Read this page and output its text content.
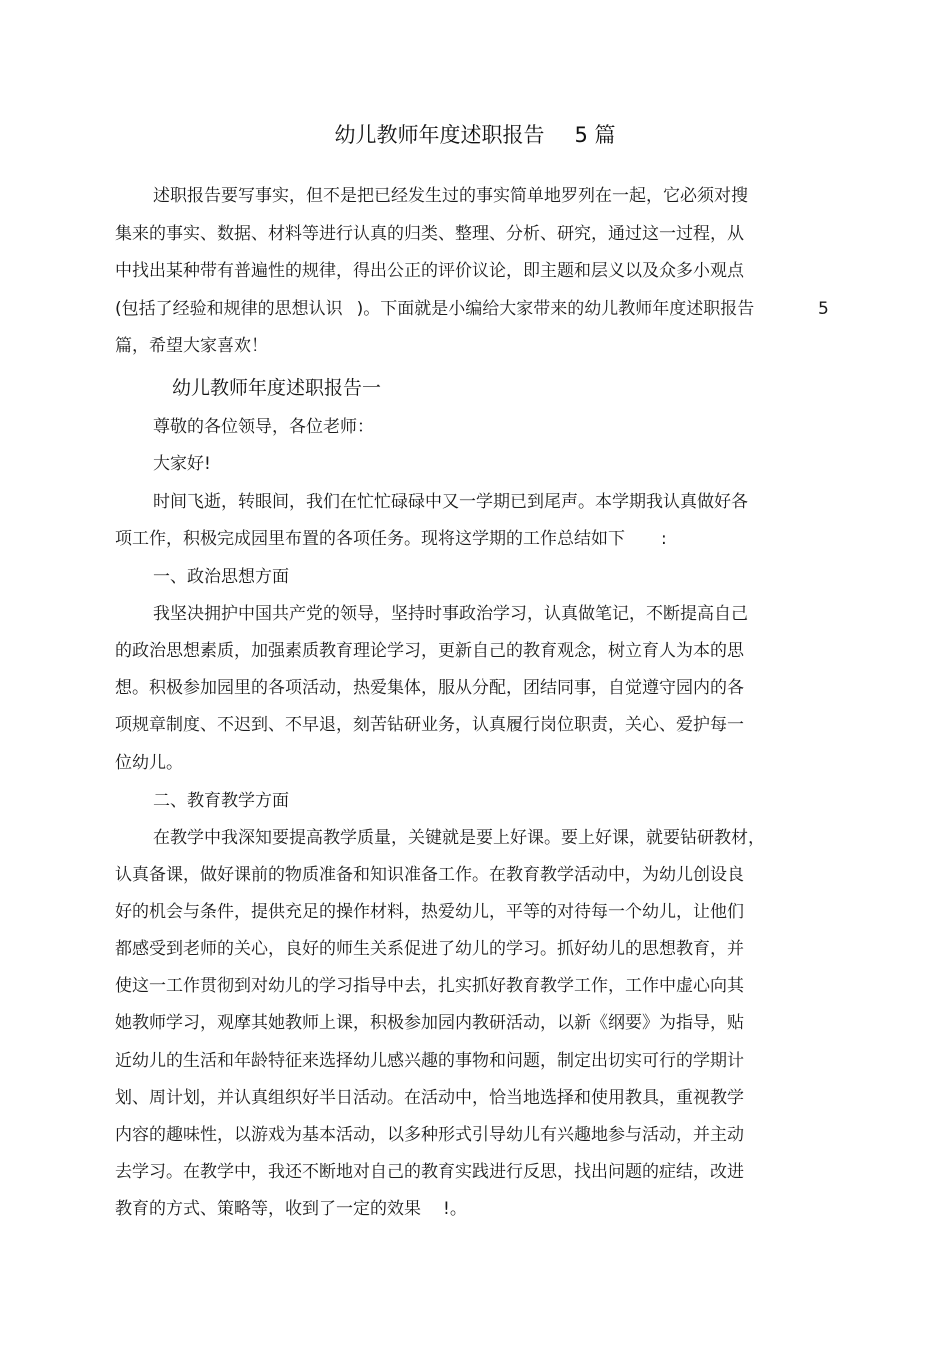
幼儿教师年度述职报告 5 篇
述职报告要写事实，但不是把已经发生过的事实简单地罗列在一起，它必须对搜
集来的事实、数据、材料等进行认真的归类、整理、分析、研究，通过这一过程，从
中找出某种带有普遍性的规律，得出公正的评价议论，即主题和层义以及众多小观点
(包括了经验和规律的思想认识 )。下面就是小编给大家带来的幼儿教师年度述职报告	5
篇，希望大家喜欢！
幼儿教师年度述职报告一
尊敬的各位领导，各位老师：
大家好!
时间飞逝，转眼间，我们在忙忙碌碌中又一学期已到尾声。本学期我认真做好各
项工作，积极完成园里布置的各项任务。现将这学期的工作总结如下 :
一、政治思想方面
我坚决拥护中国共产党的领导，坚持时事政治学习，认真做笔记，不断提高自己
的政治思想素质，加强素质教育理论学习，更新自己的教育观念，树立育人为本的思
想。积极参加园里的各项活动，热爱集体，服从分配，团结同事，自觉遵守园内的各
项规章制度、不迟到、不早退，刻苦钻研业务，认真履行岗位职责，关心、爱护每一
位幼儿。
二、教育教学方面
在教学中我深知要提高教学质量，关键就是要上好课。要上好课，就要钻研教材，
认真备课，做好课前的物质准备和知识准备工作。在教育教学活动中，为幼儿创设良
好的机会与条件，提供充足的操作材料，热爱幼儿，平等的对待每一个幼儿，让他们
都感受到老师的关心，良好的师生关系促进了幼儿的学习。抓好幼儿的思想教育，并
使这一工作贯彻到对幼儿的学习指导中去，扎实抓好教育教学工作，工作中虚心向其
她教师学习，观摩其她教师上课，积极参加园内教研活动，以新《纲要》为指导，贴
近幼儿的生活和年龄特征来选择幼儿感兴趣的事物和问题，制定出切实可行的学期计
划、周计划，并认真组织好半日活动。在活动中，恰当地选择和使用教具，重视教学
内容的趣味性，以游戏为基本活动，以多种形式引导幼儿有兴趣地参与活动，并主动
去学习。在教学中，我还不断地对自己的教育实践进行反思，找出问题的症结，改进
教育的方式、策略等，收到了一定的效果 !。
